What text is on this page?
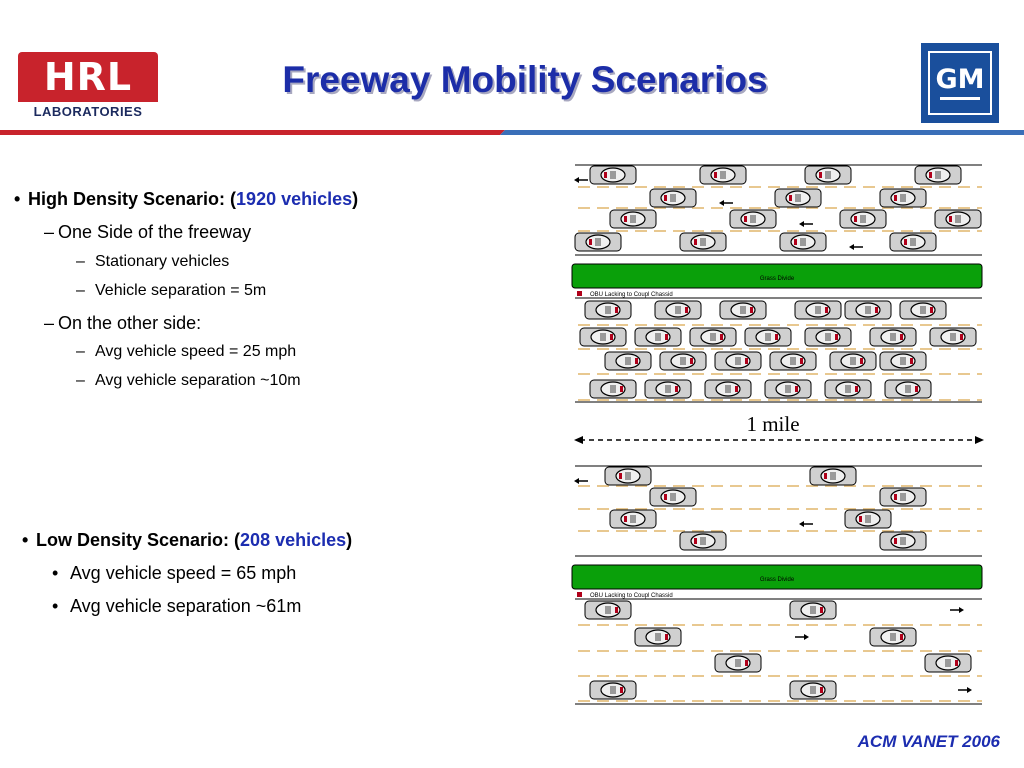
HRL
LABORATORIES
Freeway Mobility Scenarios	GM
• High Density Scenario: (1920 vehicles)
– One Side of the freeway
– Stationary vehicles
– Vehicle separation = 5m
– On the other side:
– Avg vehicle speed = 25 mph
– Avg vehicle separation ~10m
• Low Density Scenario: (208 vehicles)
• Avg vehicle speed = 65 mph
• Avg vehicle separation ~61m
Grass Divide
OBU Lacking to Coupl Chassid
1 mile
Grass Divide
OBU Lacking to Coupl Chassid
ACM VANET 2006
